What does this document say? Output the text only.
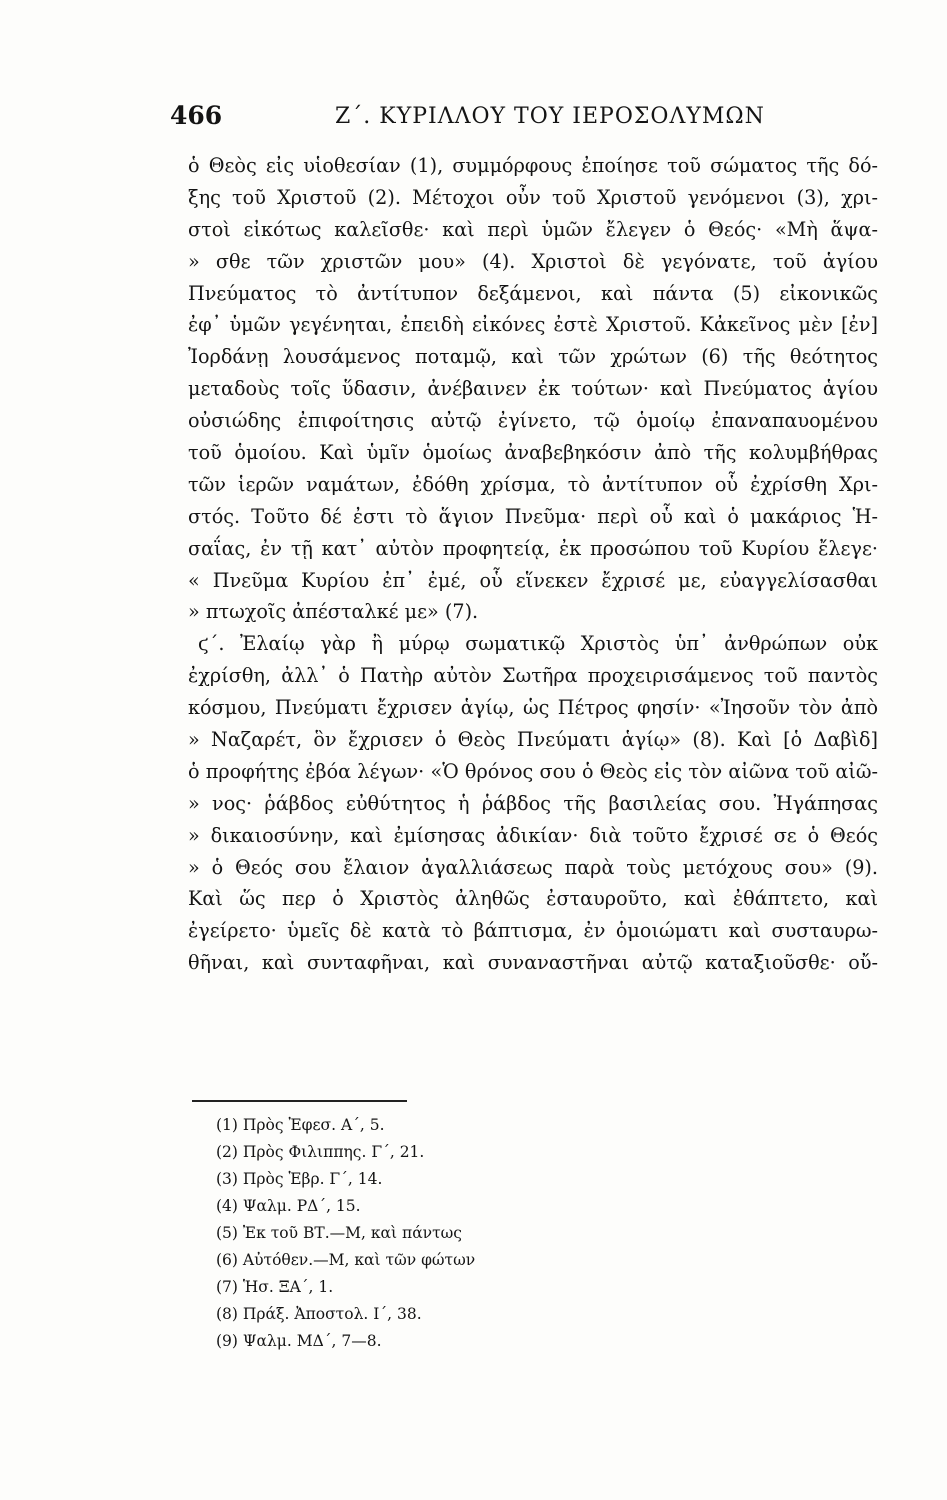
466	Ζ΄. ΚΥΡΙΛΛΟΥ ΤΟΥ ΙΕΡΟΣΟΛΥΜΩΝ
ὁ Θεὸς εἰς υἱοθεσίαν (1), συμμόρφους ἐποίησε τοῦ σώματος τῆς δό-
ξης τοῦ Χριστοῦ (2). Μέτοχοι οὖν τοῦ Χριστοῦ γενόμενοι (3), χρι-
στοὶ εἰκότως καλεῖσθε· καὶ περὶ ὑμῶν ἔλεγεν ὁ Θεός· «Μὴ ἅψα-
» σθε τῶν χριστῶν μου» (4). Χριστοὶ δὲ γεγόνατε, τοῦ ἁγίου
Πνεύματος τὸ ἀντίτυπον δεξάμενοι, καὶ πάντα (5) εἰκονικῶς
ἐφ᾽ ὑμῶν γεγένηται, ἐπειδὴ εἰκόνες ἐστὲ Χριστοῦ. Κἀκεῖνος μὲν [ἐν]
Ἰορδάνῃ λουσάμενος ποταμῷ, καὶ τῶν χρώτων (6) τῆς θεότητος
μεταδοὺς τοῖς ὕδασιν, ἀνέβαινεν ἐκ τούτων· καὶ Πνεύματος ἁγίου
οὐσιώδης ἐπιφοίτησις αὐτῷ ἐγίνετο, τῷ ὁμοίῳ ἐπαναπαυομένου
τοῦ ὁμοίου. Καὶ ὑμῖν ὁμοίως ἀναβεβηκόσιν ἀπὸ τῆς κολυμβήθρας
τῶν ἱερῶν ναμάτων, ἐδόθη χρίσμα, τὸ ἀντίτυπον οὗ ἐχρίσθη Χρι-
στός. Τοῦτο δέ ἐστι τὸ ἅγιον Πνεῦμα· περὶ οὗ καὶ ὁ μακάριος Ἡ-
σαΐας, ἐν τῇ κατ᾽ αὐτὸν προφητείᾳ, ἐκ προσώπου τοῦ Κυρίου ἔλεγε·
« Πνεῦμα Κυρίου ἐπ᾽ ἐμέ, οὗ εἵνεκεν ἔχρισέ με, εὐαγγελίσασθαι
» πτωχοῖς ἀπέσταλκέ με» (7).
ϛ΄. Ἐλαίῳ γὰρ ἢ μύρῳ σωματικῷ Χριστὸς ὑπ᾽ ἀνθρώπων οὐκ
ἐχρίσθη, ἀλλ᾽ ὁ Πατὴρ αὐτὸν Σωτῆρα προχειρισάμενος τοῦ παντὸς
κόσμου, Πνεύματι ἔχρισεν ἁγίῳ, ὡς Πέτρος φησίν· «Ἰησοῦν τὸν ἀπὸ
» Ναζαρέτ, ὃν ἔχρισεν ὁ Θεὸς Πνεύματι ἁγίῳ» (8). Καὶ [ὁ Δαβὶδ]
ὁ προφήτης ἐβόα λέγων· «Ὁ θρόνος σου ὁ Θεὸς εἰς τὸν αἰῶνα τοῦ αἰῶ-
» νος· ῥάβδος εὐθύτητος ἡ ῥάβδος τῆς βασιλείας σου. Ἠγάπησας
» δικαιοσύνην, καὶ ἐμίσησας ἀδικίαν· διὰ τοῦτο ἔχρισέ σε ὁ Θεός
» ὁ Θεός σου ἔλαιον ἀγαλλιάσεως παρὰ τοὺς μετόχους σου» (9).
Καὶ ὥς περ ὁ Χριστὸς ἀληθῶς ἐσταυροῦτο, καὶ ἐθάπτετο, καὶ
ἐγείρετο· ὑμεῖς δὲ κατὰ τὸ βάπτισμα, ἐν ὁμοιώματι καὶ συσταυρω-
θῆναι, καὶ συνταφῆναι, καὶ συναναστῆναι αὐτῷ καταξιοῦσθε· οὔ-
(1) Πρὸς Ἐφεσ. Α΄, 5.
(2) Πρὸς Φιλιππης. Γ΄, 21.
(3) Πρὸς Ἑβρ. Γ΄, 14.
(4) Ψαλμ. ΡΔ΄, 15.
(5) Ἐκ τοῦ ΒΤ.—Μ, καὶ πάντως
(6) Αὐτόθεν.—Μ, καὶ τῶν φώτων
(7) Ἡσ. ΞΑ΄, 1.
(8) Πράξ. Ἀποστολ. Ι΄, 38.
(9) Ψαλμ. ΜΔ΄, 7—8.
